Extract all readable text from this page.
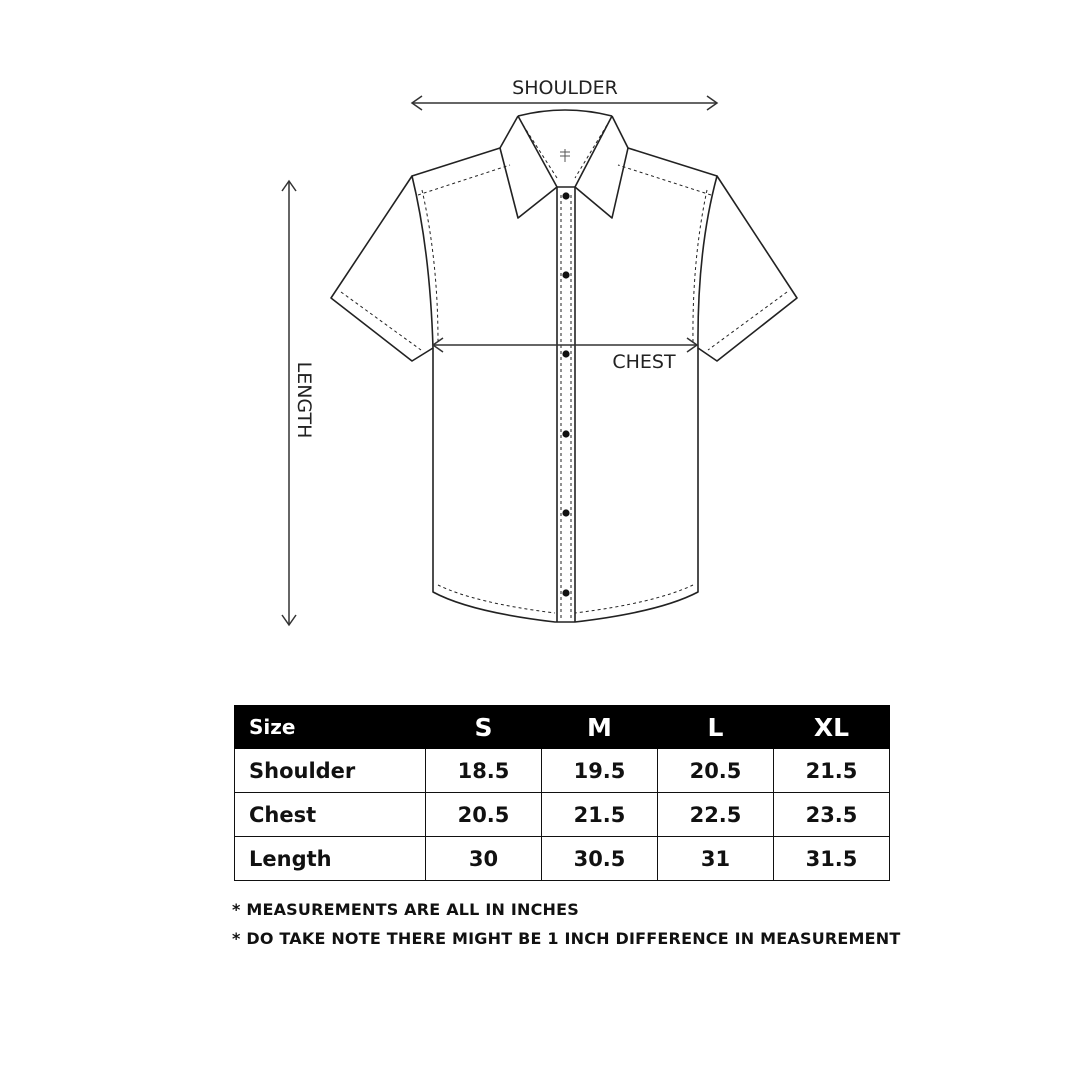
SHOULDER
LENGTH	CHEST
Size	S	M	L	XL
Shoulder	18.5	19.5	20.5	21.5
Chest	20.5	21.5	22.5	23.5
Length	30	30.5	31	31.5
* MEASUREMENTS ARE ALL IN INCHES
* DO TAKE NOTE THERE MIGHT BE 1 INCH DIFFERENCE IN MEASUREMENT
